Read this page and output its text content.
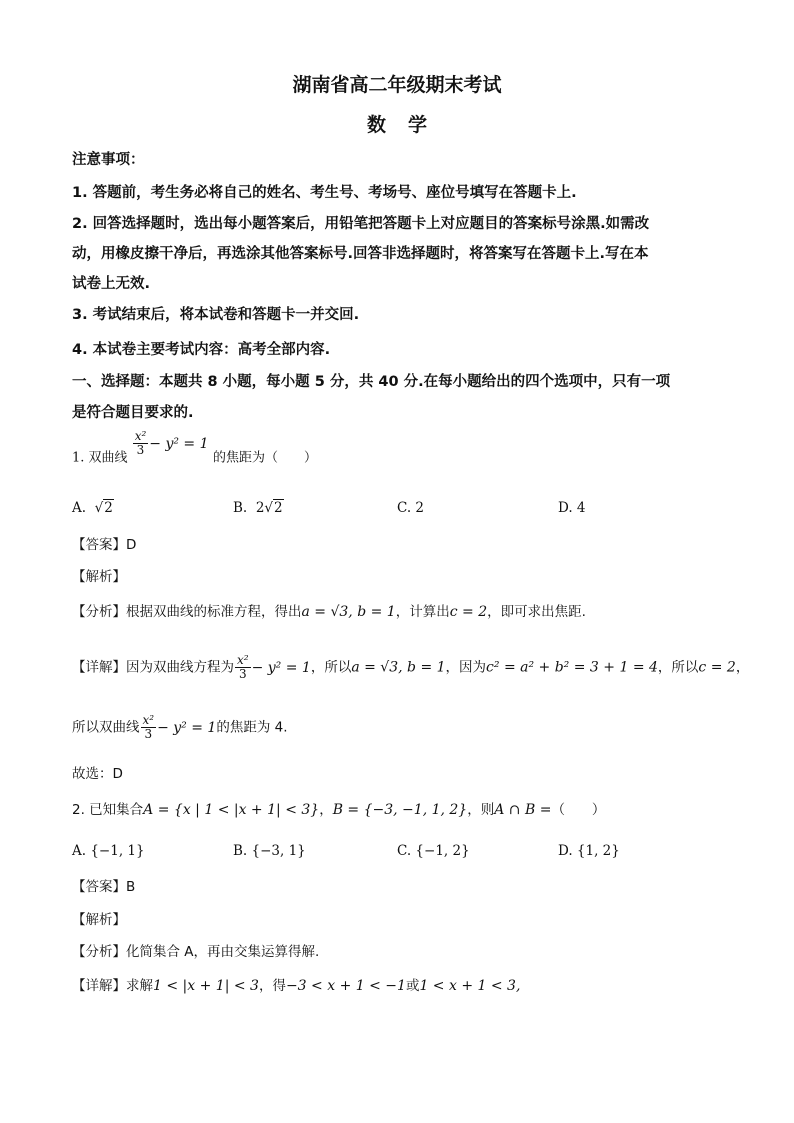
湖南省高二年级期末考试
数学
注意事项：
1. 答题前，考生务必将自己的姓名、考生号、考场号、座位号填写在答题卡上.
2. 回答选择题时，选出每小题答案后，用铅笔把答题卡上对应题目的答案标号涂黑.如需改
动，用橡皮擦干净后，再选涂其他答案标号.回答非选择题时，将答案写在答题卡上.写在本
试卷上无效.
3. 考试结束后，将本试卷和答题卡一并交回.
4. 本试卷主要考试内容：高考全部内容.
一、选择题：本题共 8 小题，每小题 5 分，共 40 分.在每小题给出的四个选项中，只有一项
是符合题目要求的.
1. 双曲线
$\frac{\text{x²}}{3} - y^2 = 1$ 的焦距为（　　）
A.  √2	B. 2√2	C. 2	D. 4
【答案】D
【解析】
【分析】根据双曲线的标准方程，得出a = √3, b = 1，计算出c = 2，即可求出焦距.
【详解】因为双曲线方程为 $\frac{\text{x²}}{3} - y^2 = 1$，所以a = √3, b = 1，因为c² = a² + b² = 3 + 1 = 4，所以c = 2，
所以双曲线 $\frac{\text{x²}}{3} - y^2 = 1$的焦距为 4.
故选：D
2. 已知集合A = {x | 1 < |x + 1| < 3}，B = {−3, −1, 1, 2}，则A ∩ B =（　　）
A. {−1, 1}	B. {−3, 1}	C. {−1, 2}	D. {1, 2}
【答案】B
【解析】
【分析】化简集合 A，再由交集运算得解.
【详解】求解1 < |x + 1| < 3，得−3 < x + 1 < −1或1 < x + 1 < 3,
